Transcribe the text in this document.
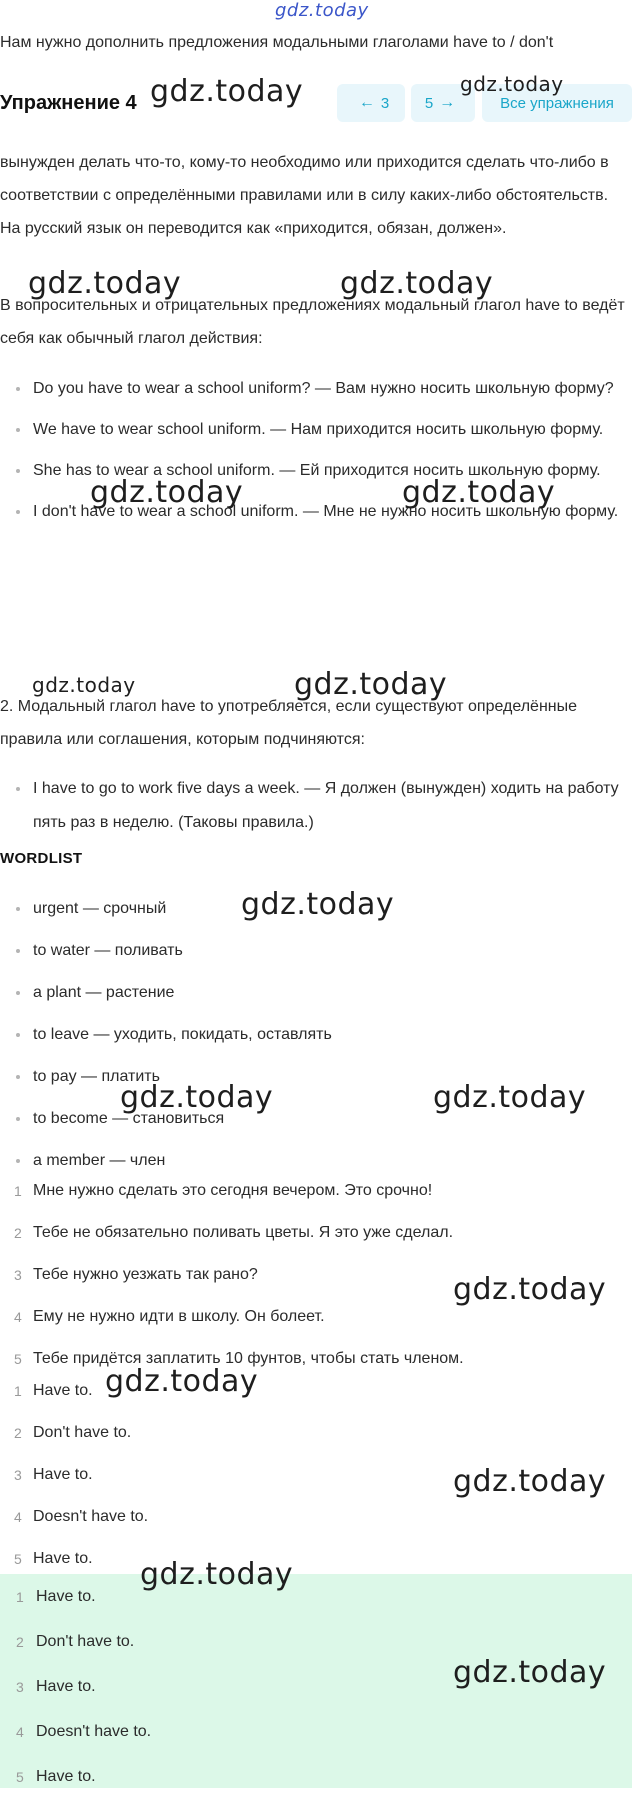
gdz.today
Нам нужно дополнить предложения модальными глаголами have to / don't
Упражнение 4	← 3 5 →	Все упражнения

вынужден делать что-то, кому-то необходимо или приходится сделать что-либо в соответствии с определёнными правилами или в силу каких-либо обстоятельств. На русский язык он переводится как «приходится, обязан, должен».

В вопросительных и отрицательных предложениях модальный глагол have to ведёт себя как обычный глагол действия:

Do you have to wear a school uniform? — Вам нужно носить школьную форму?
We have to wear school uniform. — Нам приходится носить школьную форму.
She has to wear a school uniform. — Ей приходится носить школьную форму.
I don't have to wear a school uniform. — Мне не нужно носить школьную форму.

2. Модальный глагол have to употребляется, если существуют определённые правила или соглашения, которым подчиняются:

I have to go to work five days a week. — Я должен (вынужден) ходить на работу пять раз в неделю. (Таковы правила.)
WORDLIST
urgent — срочный
to water — поливать
a plant — растение
to leave — уходить, покидать, оставлять
to pay — платить
to become — становиться
a member — член
1 Мне нужно сделать это сегодня вечером. Это срочно!
2 Тебе не обязательно поливать цветы. Я это уже сделал.
3 Тебе нужно уезжать так рано?
4 Ему не нужно идти в школу. Он болеет.
5 Тебе придётся заплатить 10 фунтов, чтобы стать членом.
1 Have to.
2 Don't have to.
3 Have to.
4 Doesn't have to.
5 Have to.
1 Have to.
2 Don't have to.
3 Have to.
4 Doesn't have to.
5 Have to.
gdz.today	gdz.today
gdz.today	gdz.today
gdz.today	gdz.today
gdz.today	gdz.today
gdz.today
gdz.today	gdz.today
gdz.today
gdz.today
gdz.today
gdz.today
gdz.today
